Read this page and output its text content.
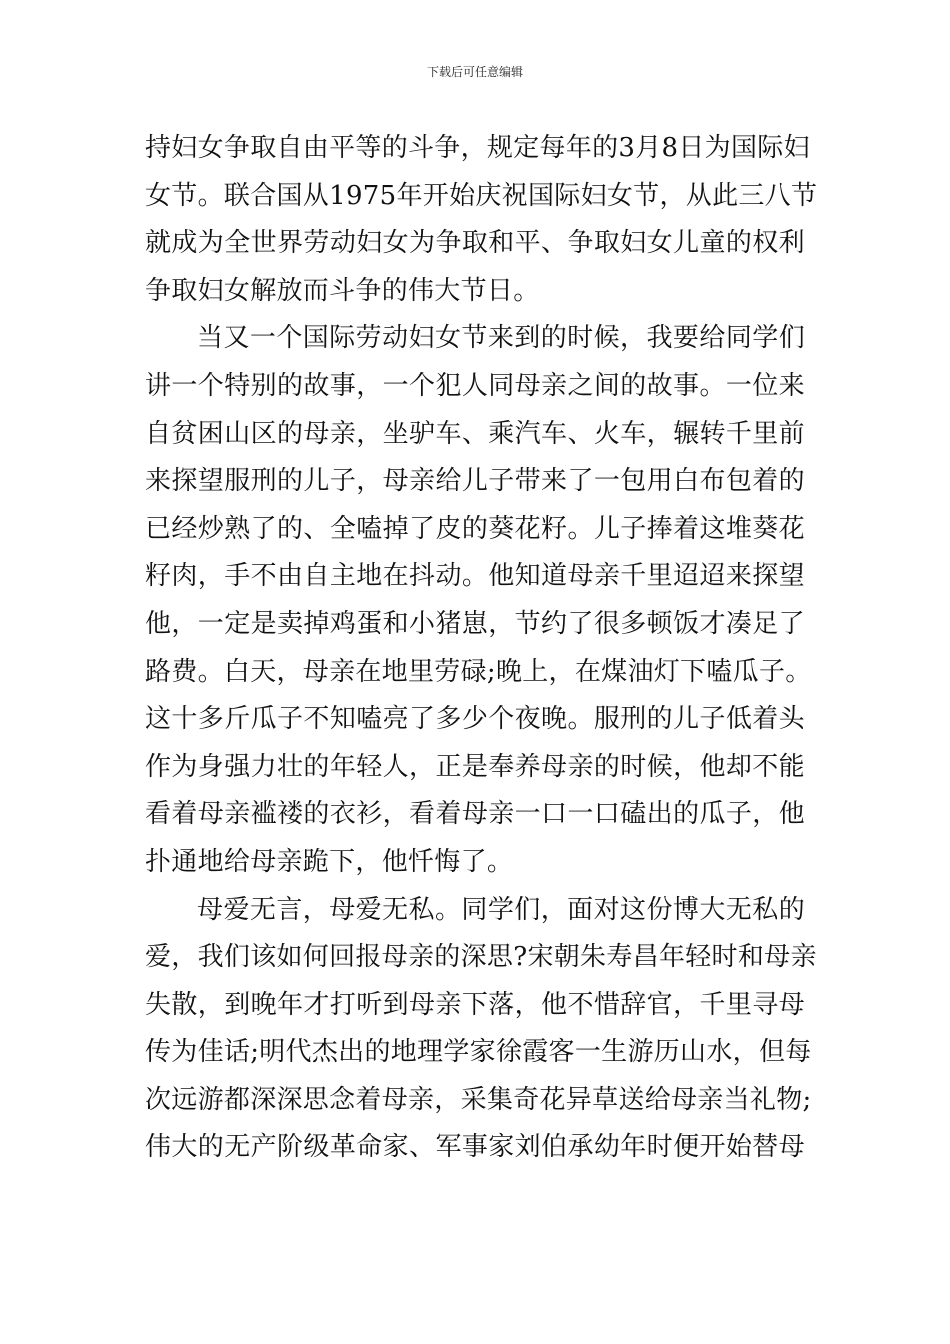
下载后可任意编辑
持妇女争取自由平等的斗争，规定每年的3月8日为国际妇
女节。联合国从1975年开始庆祝国际妇女节，从此三八节
就成为全世界劳动妇女为争取和平、争取妇女儿童的权利
争取妇女解放而斗争的伟大节日。
当又一个国际劳动妇女节来到的时候，我要给同学们
讲一个特别的故事，一个犯人同母亲之间的故事。一位来
自贫困山区的母亲，坐驴车、乘汽车、火车，辗转千里前
来探望服刑的儿子，母亲给儿子带来了一包用白布包着的
已经炒熟了的、全嗑掉了皮的葵花籽。儿子捧着这堆葵花
籽肉，手不由自主地在抖动。他知道母亲千里迢迢来探望
他，一定是卖掉鸡蛋和小猪崽，节约了很多顿饭才凑足了
路费。白天，母亲在地里劳碌;晚上，在煤油灯下嗑瓜子。
这十多斤瓜子不知嗑亮了多少个夜晚。服刑的儿子低着头
作为身强力壮的年轻人，正是奉养母亲的时候，他却不能
看着母亲褴褛的衣衫，看着母亲一口一口磕出的瓜子，他
扑通地给母亲跪下，他忏悔了。
母爱无言，母爱无私。同学们，面对这份博大无私的
爱，我们该如何回报母亲的深思?宋朝朱寿昌年轻时和母亲
失散，到晚年才打听到母亲下落，他不惜辞官，千里寻母
传为佳话;明代杰出的地理学家徐霞客一生游历山水，但每
次远游都深深思念着母亲，采集奇花异草送给母亲当礼物;
伟大的无产阶级革命家、军事家刘伯承幼年时便开始替母
